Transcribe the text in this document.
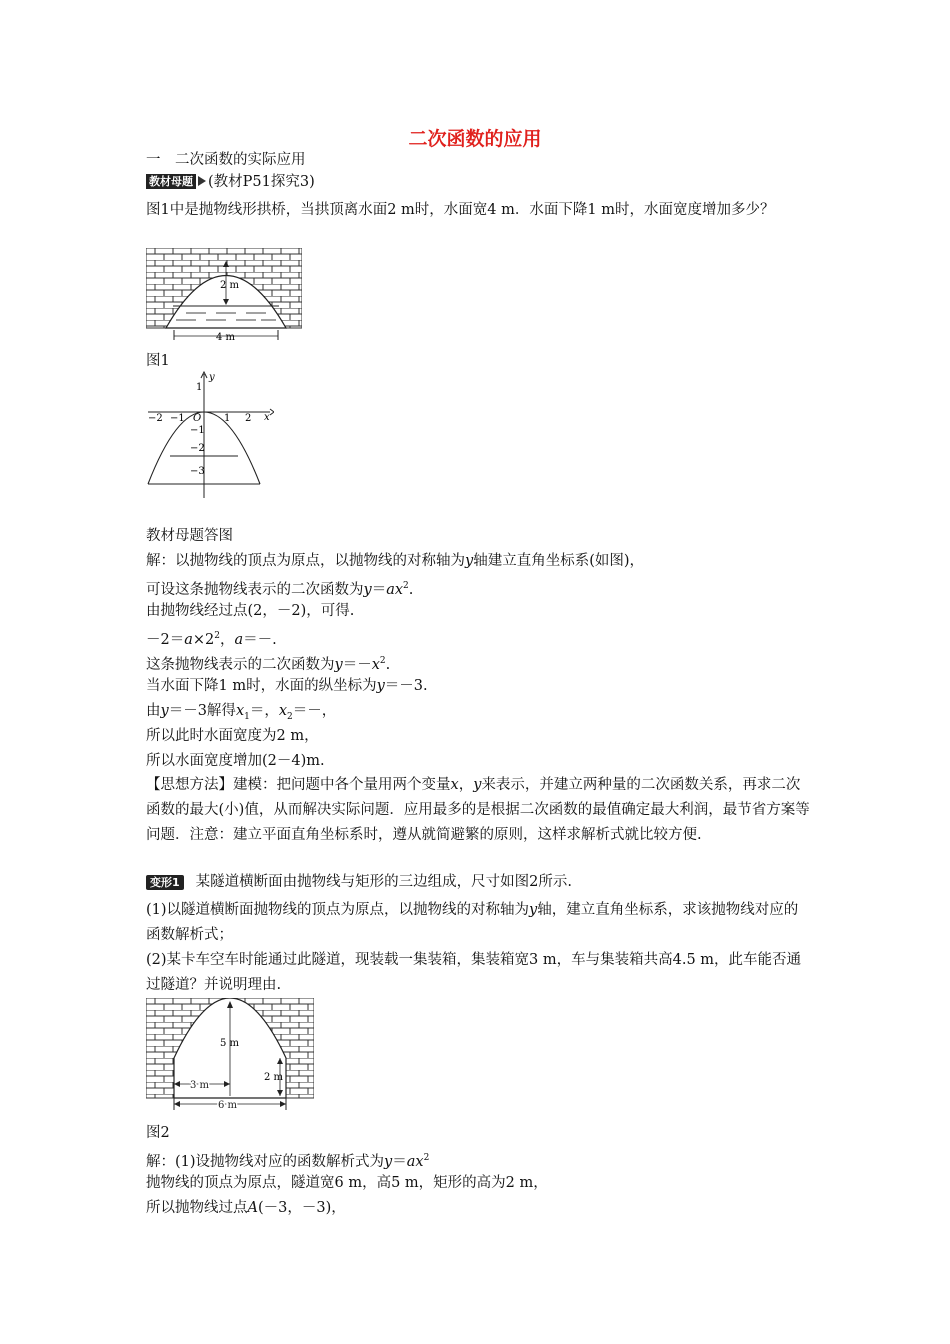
二次函数的应用
一　二次函数的实际应用
教材母题 (教材P51探究3)
图1中是抛物线形拱桥，当拱顶离水面2 m时，水面宽4 m．水面下降1 m时，水面宽度增加多少？
2 m
4 m
图1
y
x
O
−2 −1	1 2
1
−1
−2
−3
教材母题答图
解：以抛物线的顶点为原点，以抛物线的对称轴为y轴建立直角坐标系(如图)，
可设这条抛物线表示的二次函数为$y=ax^2$.
由抛物线经过点(2，－2)，可得.
$-2=a\times 2^2$，a＝－.
这条抛物线表示的二次函数为$y=-x^2$.
当水面下降1 m时，水面的纵坐标为y＝－3.
由y＝－3解得$x_1=$，$x_2=-$，
所以此时水面宽度为2 m，
所以水面宽度增加(2－4)m.
【思想方法】建模：把问题中各个量用两个变量x，y来表示，并建立两种量的二次函数关系，再求二次函数的最大(小)值，从而解决实际问题．应用最多的是根据二次函数的最值确定最大利润，最节省方案等问题．注意：建立平面直角坐标系时，遵从就简避繁的原则，这样求解析式就比较方便.
变形1 某隧道横断面由抛物线与矩形的三边组成，尺寸如图2所示.
(1)以隧道横断面抛物线的顶点为原点，以抛物线的对称轴为y轴，建立直角坐标系，求该抛物线对应的函数解析式；
(2)某卡车空车时能通过此隧道，现装载一集装箱，集装箱宽3 m，车与集装箱共高4.5 m，此车能否通过隧道？并说明理由.
5 m
2 m
3 m
6 m
图2
解：(1)设抛物线对应的函数解析式为$y=ax^2$
抛物线的顶点为原点，隧道宽6 m，高5 m，矩形的高为2 m，
所以抛物线过点A(－3，－3)，
